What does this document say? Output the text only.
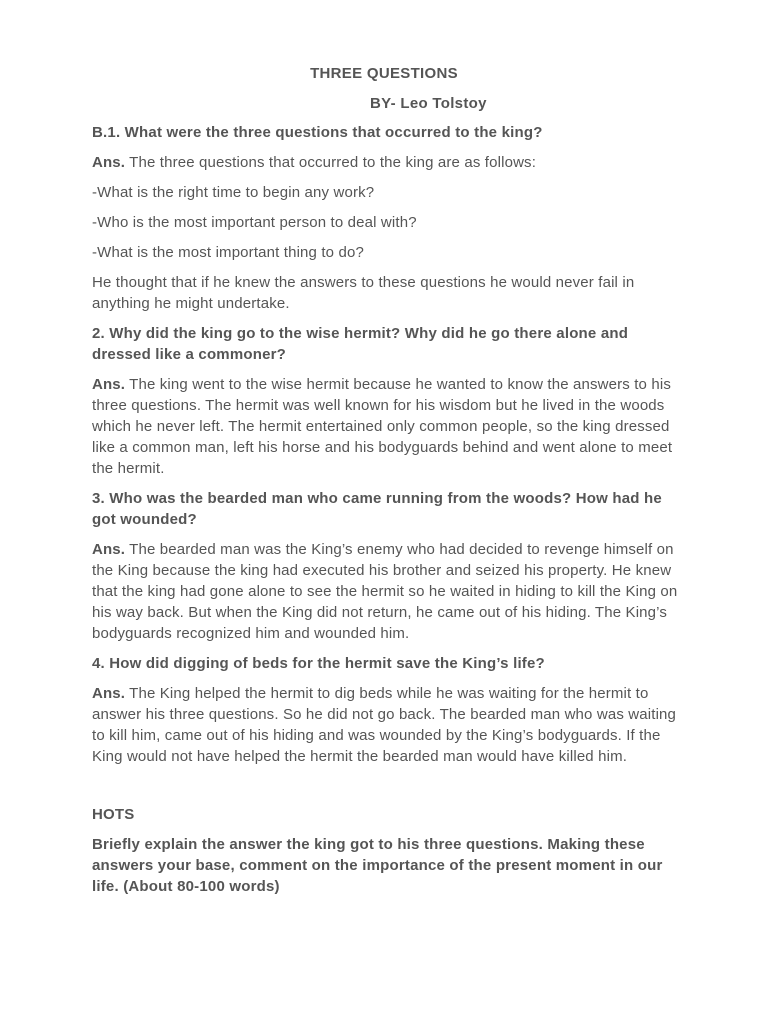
THREE QUESTIONS
BY- Leo Tolstoy

B.1. What were the three questions that occurred to the king?

Ans. The three questions that occurred to the king are as follows:

-What is the right time to begin any work?

-Who is the most important person to deal with?

-What is the most important thing to do?

He thought that if he knew the answers to these questions he would never fail in anything he might undertake.

2. Why did the king go to the wise hermit? Why did he go there alone and dressed like a commoner?

Ans. The king went to the wise hermit because he wanted to know the answers to his three questions. The hermit was well known for his wisdom but he lived in the woods which he never left. The hermit entertained only common people, so the king dressed like a common man, left his horse and his bodyguards behind and went alone to meet the hermit.

3. Who was the bearded man who came running from the woods? How had he got wounded?

Ans. The bearded man was the King’s enemy who had decided to revenge himself on the King because the king had executed his brother and seized his property. He knew that the king had gone alone to see the hermit so he waited in hiding to kill the King on his way back. But when the King did not return, he came out of his hiding. The King’s bodyguards recognized him and wounded him.

4. How did digging of beds for the hermit save the King’s life?

Ans. The King helped the hermit to dig beds while he was waiting for the hermit to answer his three questions. So he did not go back. The bearded man who was waiting to kill him, came out of his hiding and was wounded by the King’s bodyguards. If the King would not have helped the hermit the bearded man would have killed him.

HOTS

Briefly explain the answer the king got to his three questions. Making these answers your base, comment on the importance of the present moment in our life. (About 80-100 words)
